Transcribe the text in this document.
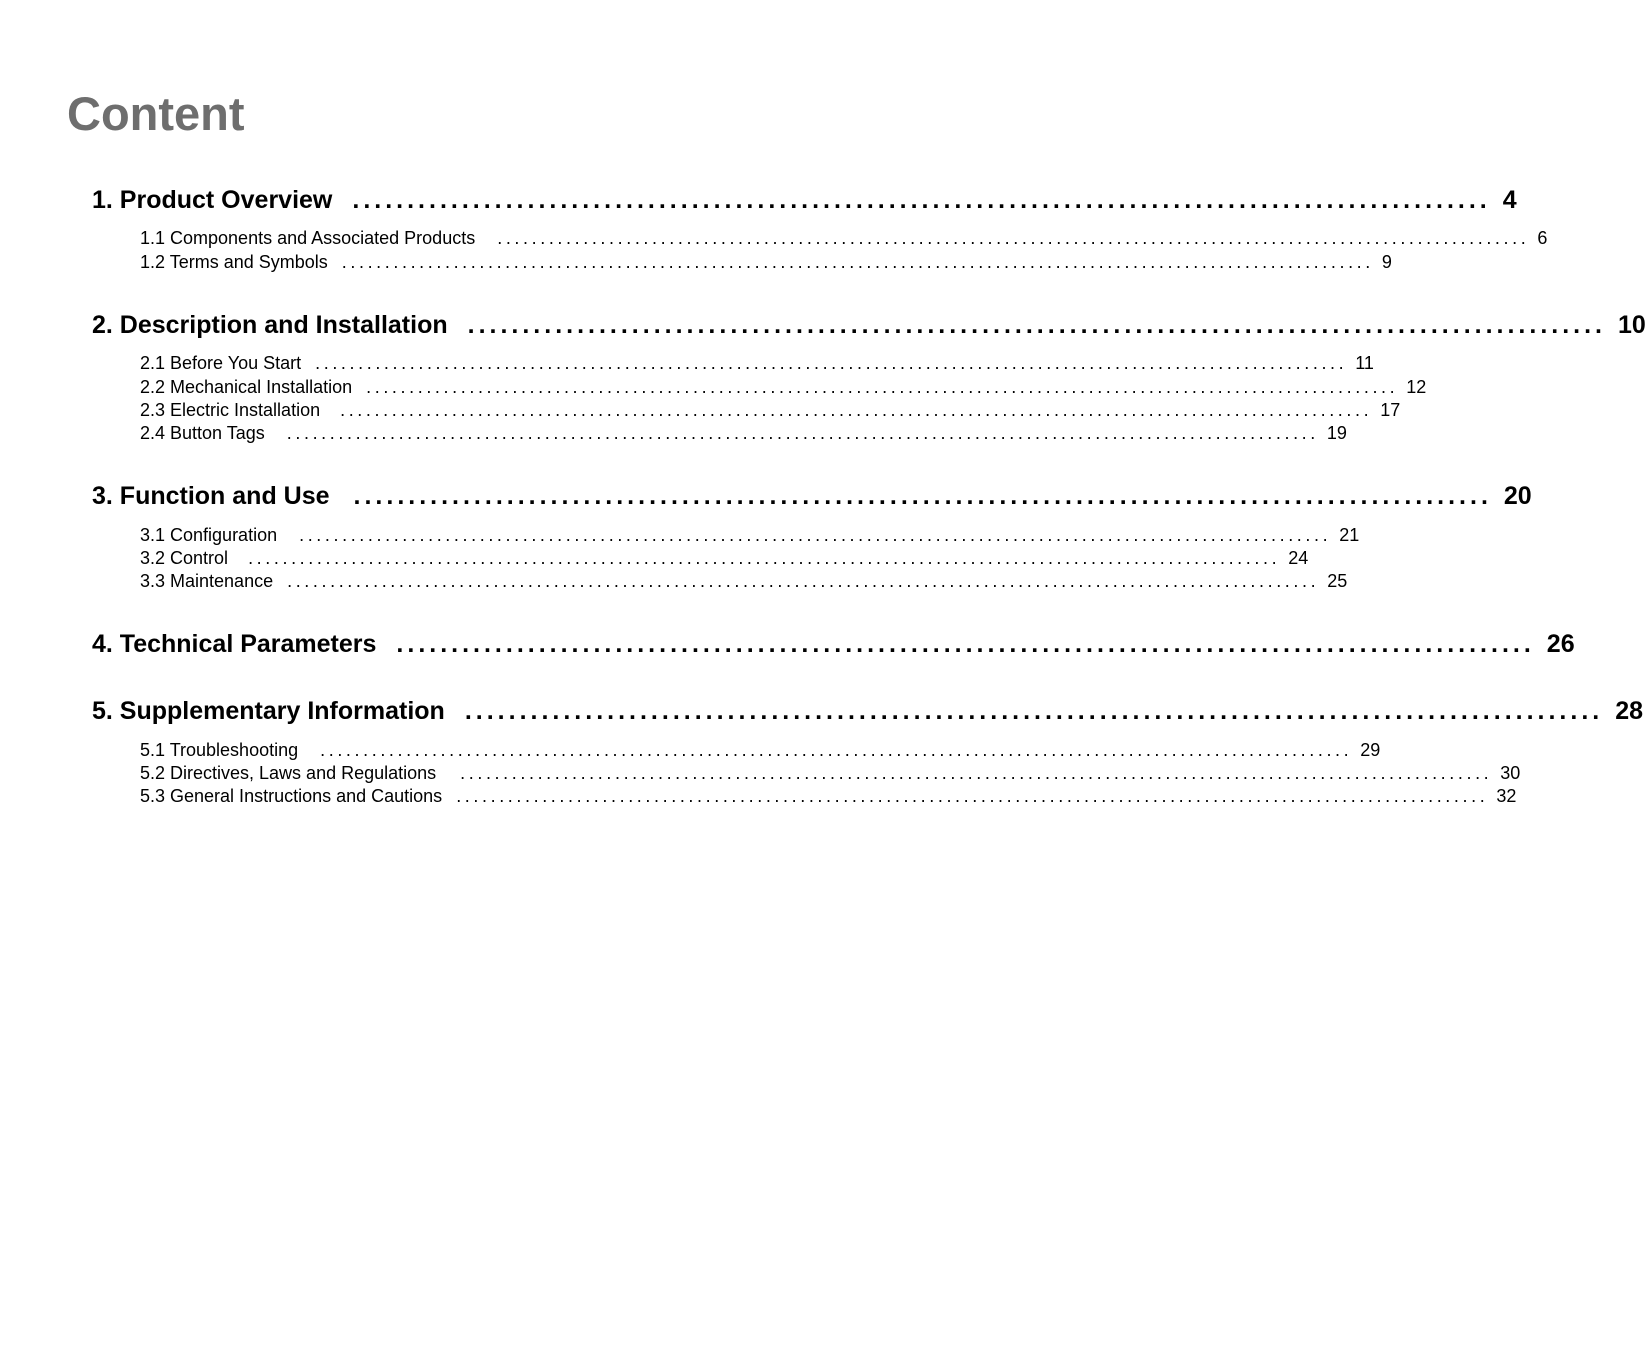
Content
1. Product Overview ........................................................................................................ 4
1.1 Components and Associated Products ........................................................................................................................ 6
1.2 Terms and Symbols ........................................................................................................................ 9
2. Description and Installation ........................................................................................................ 10
2.1 Before You Start ........................................................................................................................ 11
2.2 Mechanical Installation ........................................................................................................................ 12
2.3 Electric Installation ........................................................................................................................ 17
2.4 Button Tags ........................................................................................................................ 19
3. Function and Use ........................................................................................................ 20
3.1 Configuration ........................................................................................................................ 21
3.2 Control ........................................................................................................................ 24
3.3 Maintenance ........................................................................................................................ 25
4. Technical Parameters ........................................................................................................ 26
5. Supplementary Information ........................................................................................................ 28
5.1 Troubleshooting ........................................................................................................................ 29
5.2 Directives, Laws and Regulations ........................................................................................................................ 30
5.3 General Instructions and Cautions ........................................................................................................................ 32
